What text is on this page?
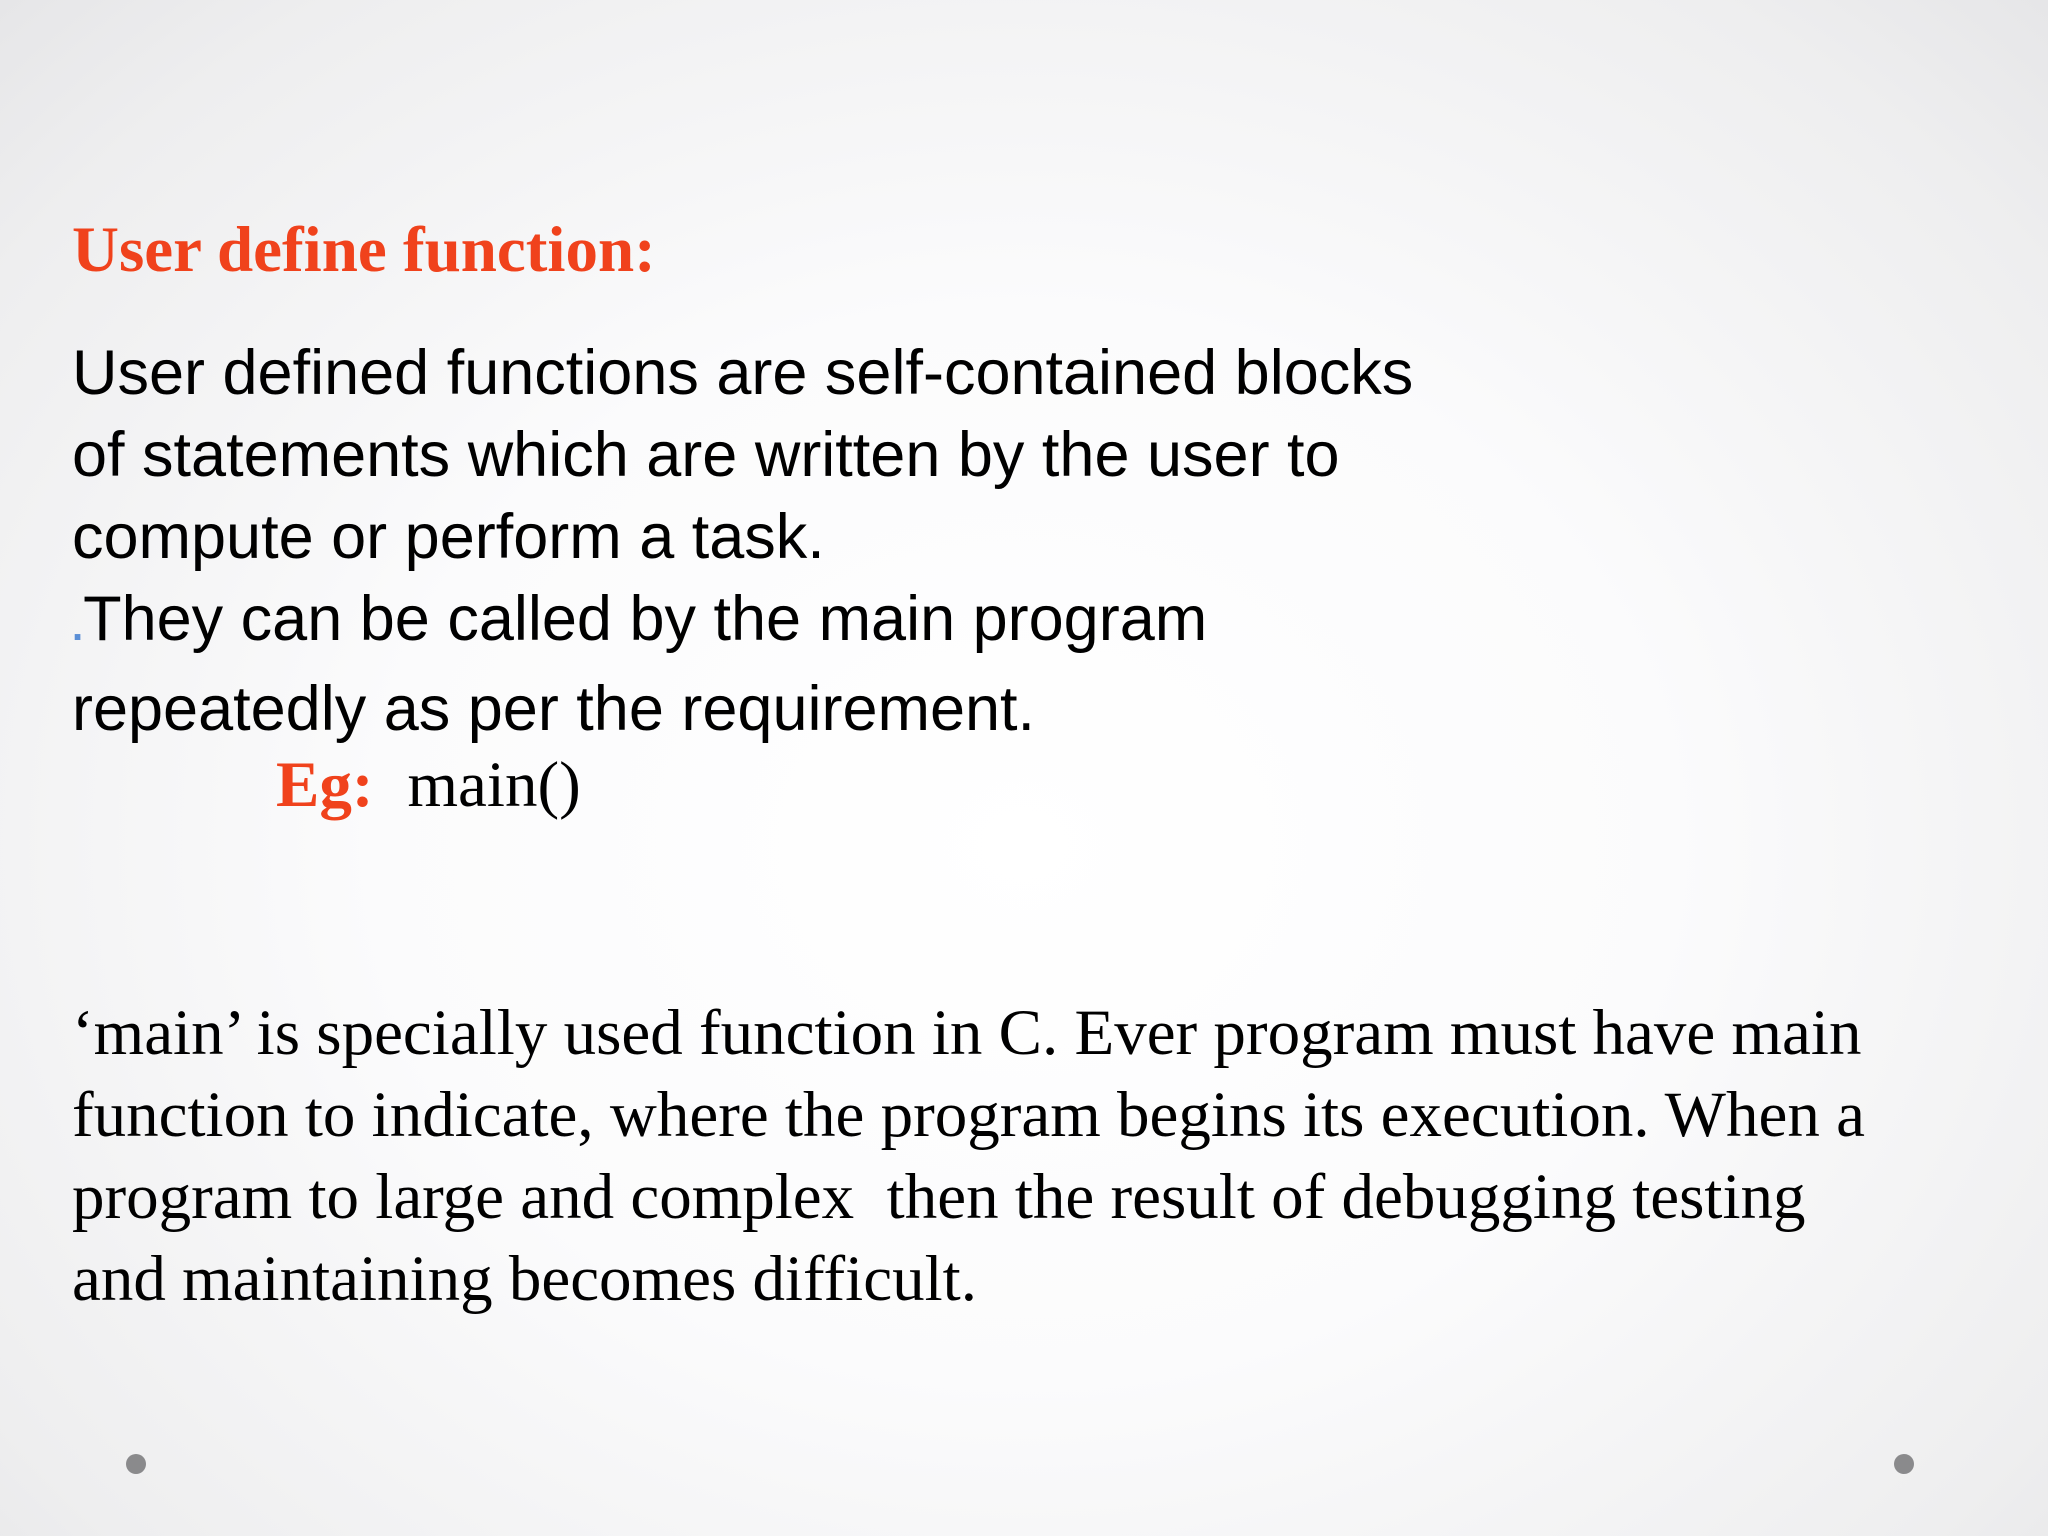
User define function:
User defined functions are self-contained blocks
of statements which are written by the user to
compute or perform a task.
.They can be called by the main program
repeatedly as per the requirement.
Eg: main()
‘main’ is specially used function in C. Ever program must have main
function to indicate, where the program begins its execution. When a
program to large and complex  then the result of debugging testing
and maintaining becomes difficult.
